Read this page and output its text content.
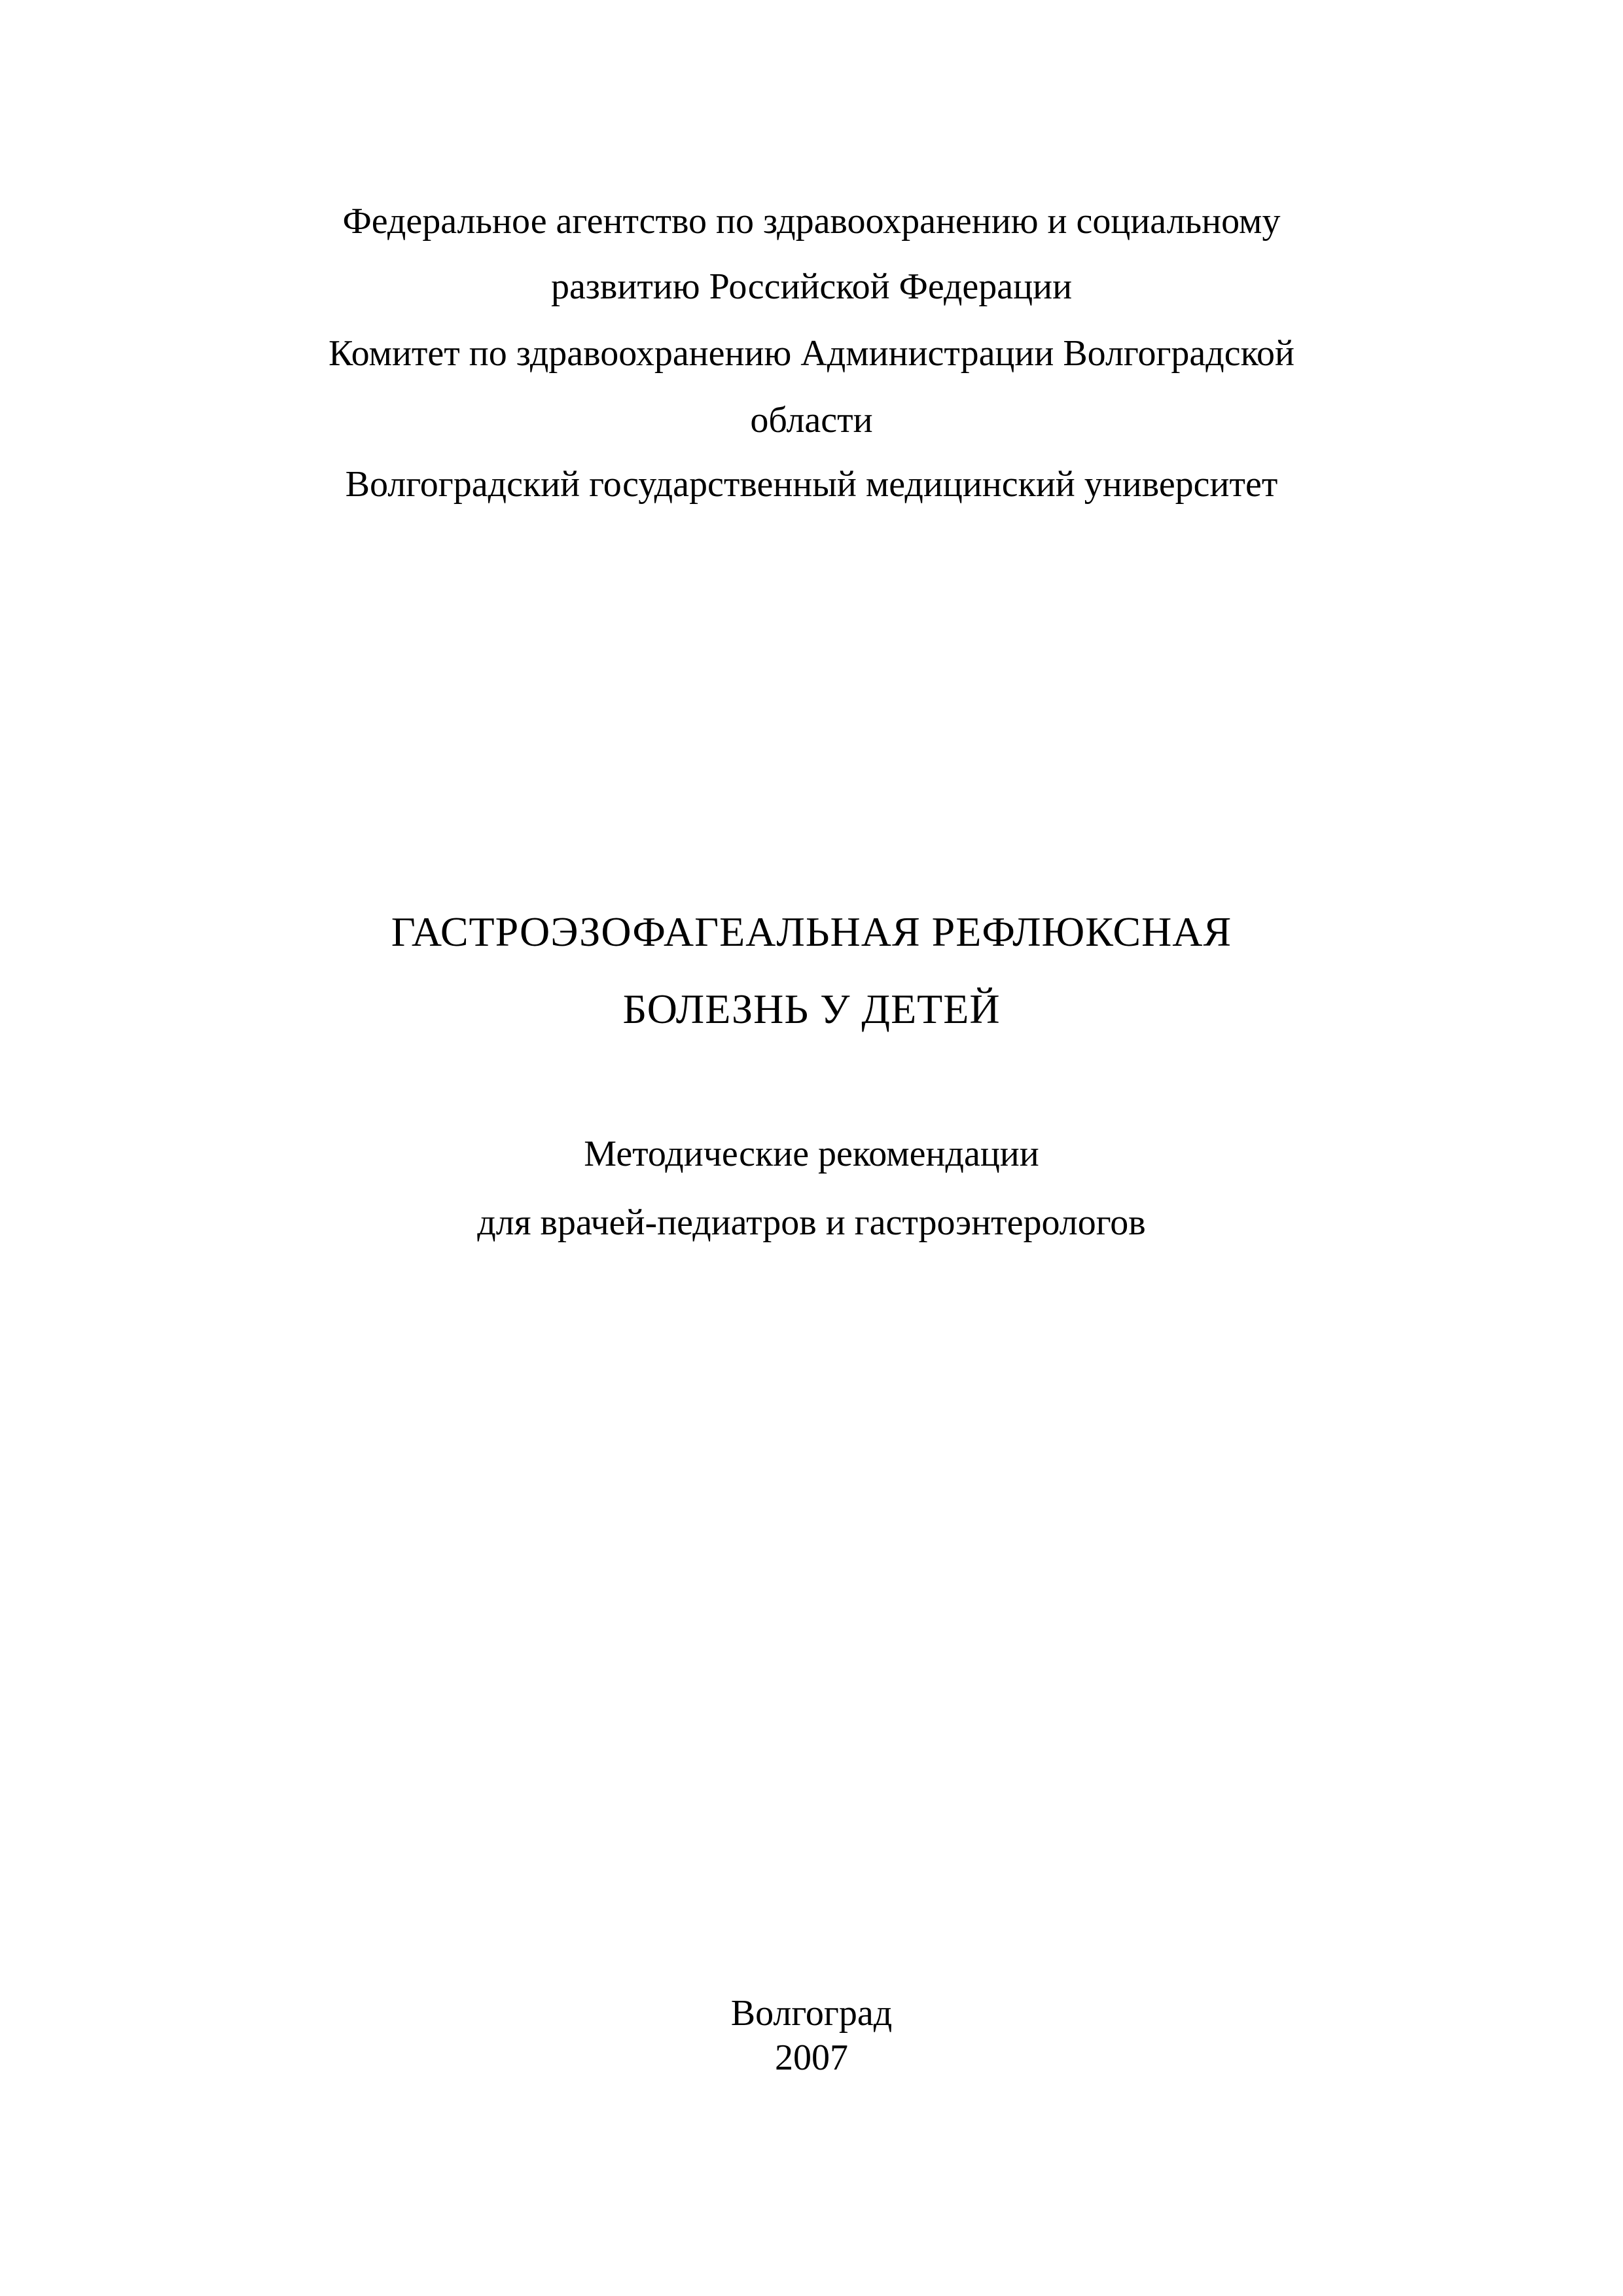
Федеральное агентство по здравоохранению и социальному
развитию Российской Федерации
Комитет по здравоохранению Администрации Волгоградской
области
Волгоградский государственный медицинский университет
ГАСТРОЭЗОФАГЕАЛЬНАЯ РЕФЛЮКСНАЯ
БОЛЕЗНЬ У ДЕТЕЙ
Методические рекомендации
для врачей-педиатров и гастроэнтерологов
Волгоград
2007
